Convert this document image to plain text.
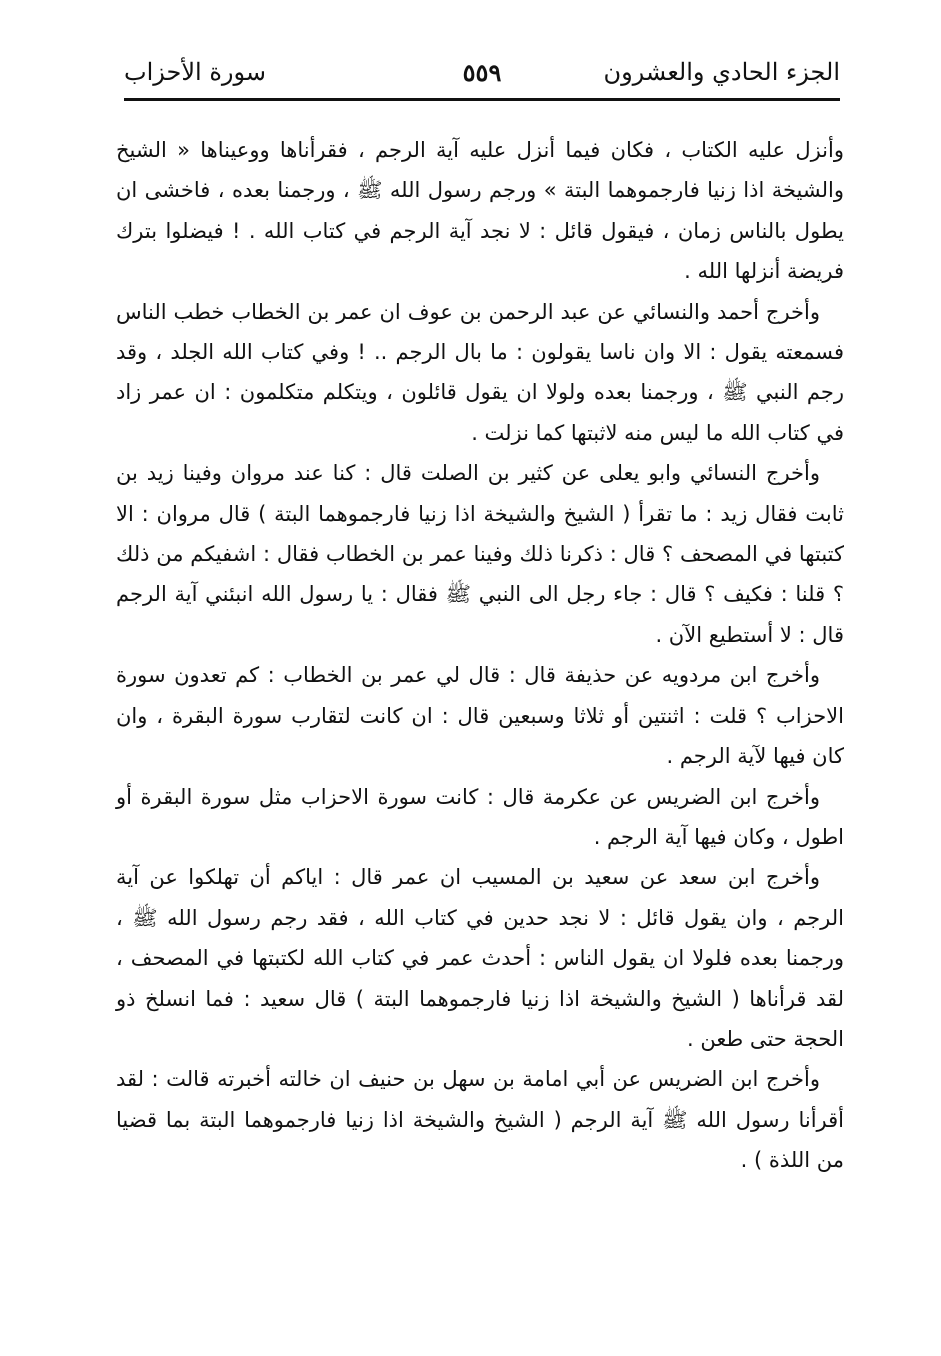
الجزء الحادي والعشرون
٥٥٩
سورة الأحزاب

وأنزل عليه الكتاب ، فكان فيما أنزل عليه آية الرجم ، فقرأناها ووعيناها « الشيخ والشيخة اذا زنيا فارجموهما البتة » ورجم رسول الله ﷺ ، ورجمنا بعده ، فاخشى ان يطول بالناس زمان ، فيقول قائل : لا نجد آية الرجم في كتاب الله . ! فيضلوا بترك فريضة أنزلها الله .

وأخرج أحمد والنسائي عن عبد الرحمن بن عوف ان عمر بن الخطاب خطب الناس فسمعته يقول : الا وان ناسا يقولون : ما بال الرجم .. ! وفي كتاب الله الجلد ، وقد رجم النبي ﷺ ، ورجمنا بعده ولولا ان يقول قائلون ، ويتكلم متكلمون : ان عمر زاد في كتاب الله ما ليس منه لاثبتها كما نزلت .

وأخرج النسائي وابو يعلى عن كثير بن الصلت قال : كنا عند مروان وفينا زيد بن ثابت فقال زيد : ما تقرأ ( الشيخ والشيخة اذا زنيا فارجموهما البتة ) قال مروان : الا كتبتها في المصحف ؟ قال : ذكرنا ذلك وفينا عمر بن الخطاب فقال : اشفيكم من ذلك ؟ قلنا : فكيف ؟ قال : جاء رجل الى النبي ﷺ فقال : يا رسول الله انبئني آية الرجم قال : لا أستطيع الآن .

وأخرج ابن مردويه عن حذيفة قال : قال لي عمر بن الخطاب : كم تعدون سورة الاحزاب ؟ قلت : اثنتين أو ثلاثا وسبعين قال : ان كانت لتقارب سورة البقرة ، وان كان فيها لآية الرجم .

وأخرج ابن الضريس عن عكرمة قال : كانت سورة الاحزاب مثل سورة البقرة أو اطول ، وكان فيها آية الرجم .

وأخرج ابن سعد عن سعيد بن المسيب ان عمر قال : اياكم أن تهلكوا عن آية الرجم ، وان يقول قائل : لا نجد حدين في كتاب الله ، فقد رجم رسول الله ﷺ ، ورجمنا بعده فلولا ان يقول الناس : أحدث عمر في كتاب الله لكتبتها في المصحف ، لقد قرأناها ( الشيخ والشيخة اذا زنيا فارجموهما البتة ) قال سعيد : فما انسلخ ذو الحجة حتى طعن .

وأخرج ابن الضريس عن أبي امامة بن سهل بن حنيف ان خالته أخبرته قالت : لقد أقرأنا رسول الله ﷺ آية الرجم ( الشيخ والشيخة اذا زنيا فارجموهما البتة بما قضيا من اللذة ) .
